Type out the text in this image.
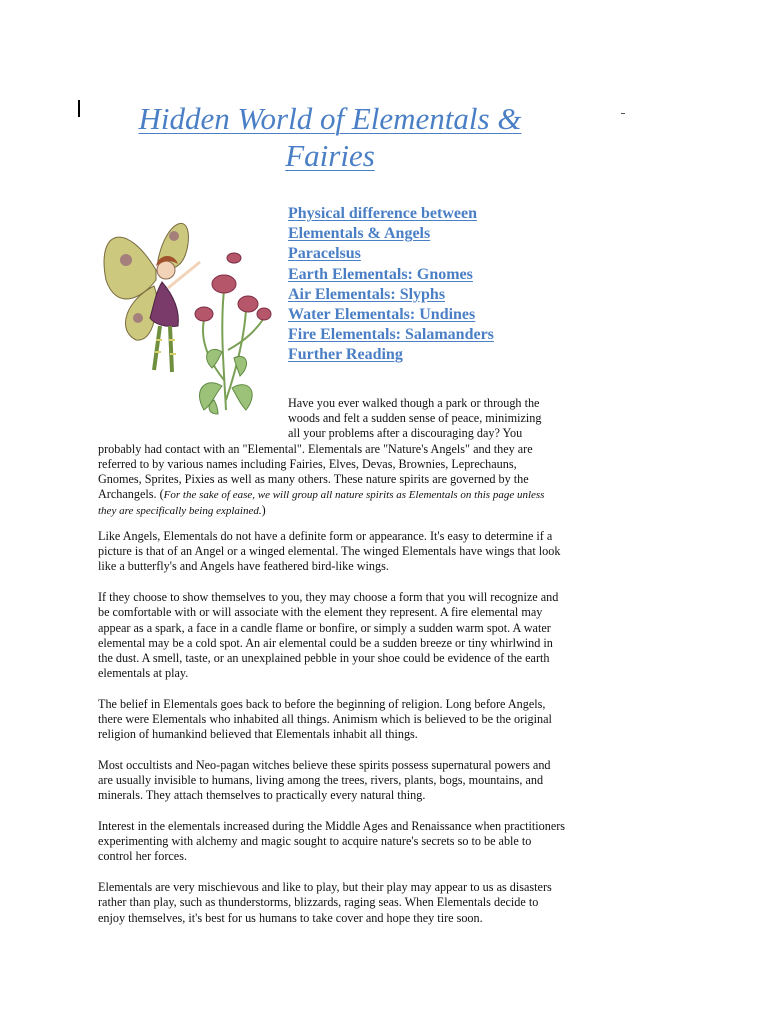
Hidden World of Elementals & Fairies
Physical difference between
Elementals & Angels
Paracelsus
Earth Elementals: Gnomes
Air Elementals: Slyphs
Water Elementals: Undines
Fire Elementals: Salamanders
Further Reading

Have you ever walked though a park or through the woods and felt a sudden sense of peace, minimizing all your problems after a discouraging day? You probably had contact with an "Elemental". Elementals are "Nature's Angels" and they are referred to by various names including Fairies, Elves, Devas, Brownies, Leprechauns, Gnomes, Sprites, Pixies as well as many others. These nature spirits are governed by the Archangels. (For the sake of ease, we will group all nature spirits as Elementals on this page unless they are specifically being explained.)

Like Angels, Elementals do not have a definite form or appearance. It's easy to determine if a picture is that of an Angel or a winged elemental. The winged Elementals have wings that look like a butterfly's and Angels have feathered bird-like wings.

If they choose to show themselves to you, they may choose a form that you will recognize and be comfortable with or will associate with the element they represent. A fire elemental may appear as a spark, a face in a candle flame or bonfire, or simply a sudden warm spot. A water elemental may be a cold spot. An air elemental could be a sudden breeze or tiny whirlwind in the dust. A smell, taste, or an unexplained pebble in your shoe could be evidence of the earth elementals at play.

The belief in Elementals goes back to before the beginning of religion. Long before Angels, there were Elementals who inhabited all things. Animism which is believed to be the original religion of humankind believed that Elementals inhabit all things.

Most occultists and Neo-pagan witches believe these spirits possess supernatural powers and are usually invisible to humans, living among the trees, rivers, plants, bogs, mountains, and minerals. They attach themselves to practically every natural thing.

Interest in the elementals increased during the Middle Ages and Renaissance when practitioners experimenting with alchemy and magic sought to acquire nature's secrets so to be able to control her forces.

Elementals are very mischievous and like to play, but their play may appear to us as disasters rather than play, such as thunderstorms, blizzards, raging seas. When Elementals decide to enjoy themselves, it's best for us humans to take cover and hope they tire soon.
